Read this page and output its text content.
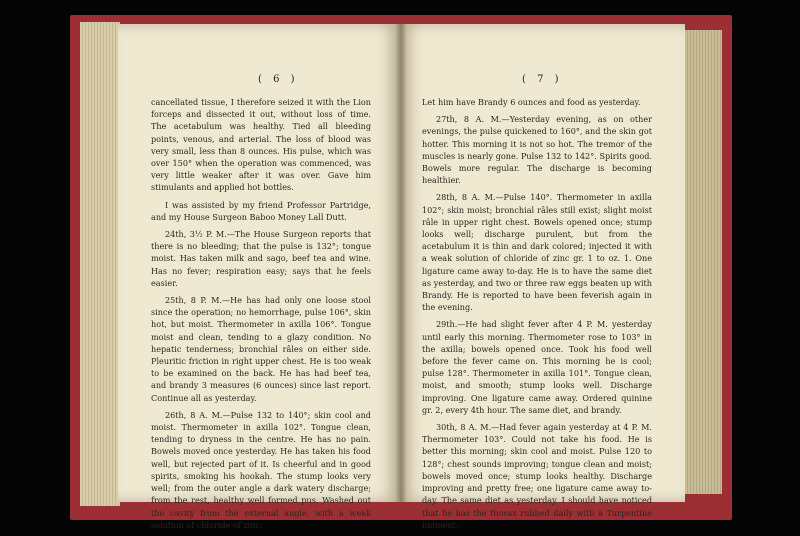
( 6 )

cancellated tissue, I therefore seized it with the Lion forceps and dissected it out, without loss of time. The acetabulum was healthy. Tied all bleeding points, venous, and arterial. The loss of blood was very small, less than 8 ounces. His pulse, which was over 150° when the operation was commenced, was very little weaker after it was over. Gave him stimulants and applied hot bottles.

I was assisted by my friend Professor Partridge, and my House Surgeon Baboo Money Lall Dutt.

24th, 3½ P. M.—The House Surgeon reports that there is no bleeding; that the pulse is 132°; tongue moist. Has taken milk and sago, beef tea and wine. Has no fever; respiration easy; says that he feels easier.

25th, 8 P. M.—He has had only one loose stool since the operation; no hemorrhage, pulse 106°, skin hot, but moist. Thermometer in axilla 106°. Tongue moist and clean, tending to a glazy condition. No hepatic tenderness; bronchial râles on either side. Pleuritic friction in right upper chest. He is too weak to be examined on the back. He has had beef tea, and brandy 3 measures (6 ounces) since last report. Continue all as yesterday.

26th, 8 A. M.—Pulse 132 to 140°; skin cool and moist. Thermometer in axilla 102°. Tongue clean, tending to dryness in the centre. He has no pain. Bowels moved once yesterday. He has taken his food well, but rejected part of it. Is cheerful and in good spirits, smoking his hookah. The stump looks very well; from the outer angle a dark watery discharge; from the rest, healthy well formed pus. Washed out the cavity from the external angle, with a weak solution of chloride of zinc.

( 7 )

Let him have Brandy 6 ounces and food as yesterday.

27th, 8 A. M.—Yesterday evening, as on other evenings, the pulse quickened to 160°, and the skin got hotter. This morning it is not so hot. The tremor of the muscles is nearly gone. Pulse 132 to 142°. Spirits good. Bowels more regular. The discharge is becoming healthier.

28th, 8 A. M.—Pulse 140°. Thermometer in axilla 102°; skin moist; bronchial râles still exist; slight moist râle in upper right chest. Bowels opened once; stump looks well; discharge purulent, but from the acetabulum it is thin and dark colored; injected it with a weak solution of chloride of zinc gr. 1 to oz. 1. One ligature came away to-day. He is to have the same diet as yesterday, and two or three raw eggs beaten up with Brandy. He is reported to have been feverish again in the evening.

29th.—He had slight fever after 4 P. M. yesterday until early this morning. Thermometer rose to 103° in the axilla; bowels opened once. Took his food well before the fever came on. This morning he is cool; pulse 128°. Thermometer in axilla 101°. Tongue clean, moist, and smooth; stump looks well. Discharge improving. One ligature came away. Ordered quinine gr. 2, every 4th hour. The same diet, and brandy.

30th, 8 A. M.—Had fever again yesterday at 4 P. M. Thermometer 103°. Could not take his food. He is better this morning; skin cool and moist. Pulse 120 to 128°; chest sounds improving; tongue clean and moist; bowels moved once; stump looks healthy. Discharge improving and pretty free; one ligature came away to-day. The same diet as yesterday. I should have noticed that he has the thorax rubbed daily with a Turpentine liniment.
